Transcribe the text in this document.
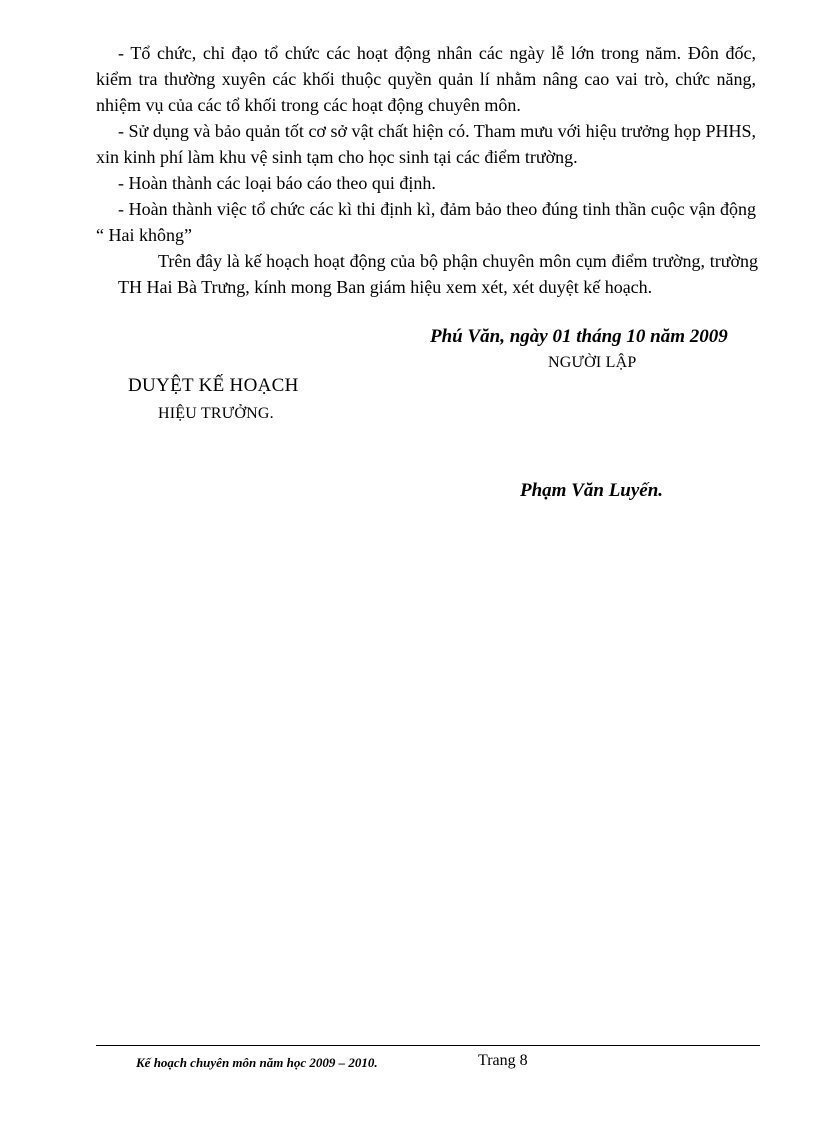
- Tổ chức, chỉ đạo tổ chức các hoạt động nhân các ngày lễ lớn trong năm. Đôn đốc, kiểm tra thường xuyên các khối thuộc quyền quản lí nhằm nâng cao vai trò, chức năng, nhiệm vụ của các tổ khối trong các hoạt động chuyên môn.

- Sử dụng và bảo quản tốt cơ sở vật chất hiện có. Tham mưu với hiệu trưởng họp PHHS, xin kinh phí làm khu vệ sinh tạm cho học sinh tại các điểm trường.

- Hoàn thành các loại báo cáo theo qui định.

- Hoàn thành việc tổ chức các kì thi định kì, đảm bảo theo đúng tinh thần cuộc vận động “ Hai không”

Trên đây là kế hoạch hoạt động của bộ phận chuyên môn cụm điểm trường, trường TH Hai Bà Trưng, kính mong Ban giám hiệu xem xét, xét duyệt kế hoạch.

Phú Văn, ngày 01 tháng 10 năm 2009

NGƯỜI LẬP

DUYỆT KẾ HOẠCH

HIỆU TRƯỞNG.

Phạm Văn Luyến.

Kế hoạch chuyên môn năm học 2009 – 2010.	Trang 8
